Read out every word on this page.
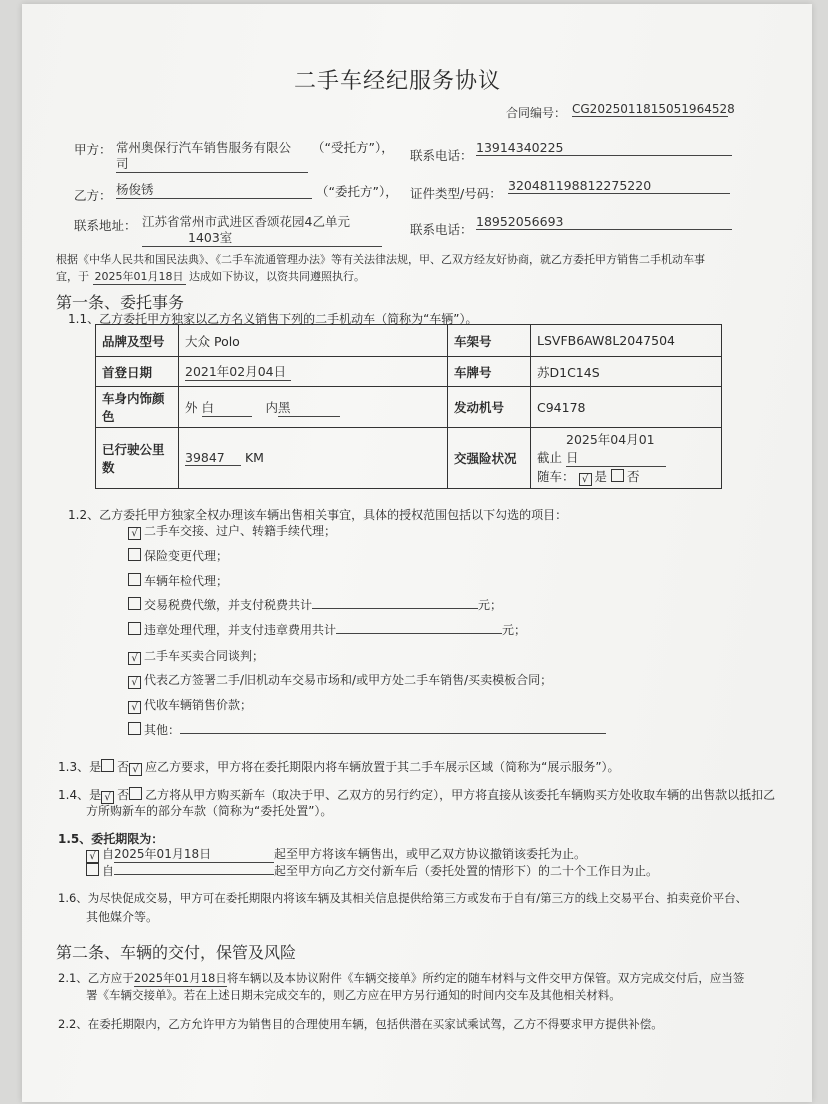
二手车经纪服务协议
合同编号： CG2025011815051964528
甲方： 常州奥保行汽车销售服务有限公
司
（“受托方”），
联系电话：
13914340225
乙方： 杨俊锈	（“委托方”）， 证件类型/号码：
320481198812275220
联系地址： 江苏省常州市武进区香颂花园4乙单元
1403室
联系电话：
18952056693
根据《中华人民共和国民法典》、《二手车流通管理办法》等有关法律法规，甲、乙双方经友好协商，就乙方委托甲方销售二手机动车事
宜，于 2025年01月18日 达成如下协议，以资共同遵照执行。
第一条、委托事务
1.1、乙方委托甲方独家以乙方名义销售下列的二手机动车（简称为“车辆”）。
品牌及型号	大众 Polo	车架号	LSVFB6AW8L2047504
首登日期	2021年02月04日	车牌号	苏D1C14S
车身内饰颜
色	外 白 内黑	发动机号	C94178
已行驶公里
数	39847 KM	交强险状况	截止 2025年04月01日
随车： √ 是 否
1.2、乙方委托甲方独家全权办理该车辆出售相关事宜，具体的授权范围包括以下勾选的项目：
√ 二手车交接、过户、转籍手续代理；
保险变更代理；
车辆年检代理；
交易税费代缴，并支付税费共计	元；
违章处理代理，并支付违章费用共计	元；
√ 二手车买卖合同谈判；
√ 代表乙方签署二手/旧机动车交易市场和/或甲方处二手车销售/买卖模板合同；
√ 代收车辆销售价款；
其他：
1.3、是 否 √ 应乙方要求，甲方将在委托期限内将车辆放置于其二手车展示区域（简称为“展示服务”）。
1.4、是 √ 否 乙方将从甲方购买新车（取决于甲、乙双方的另行约定），甲方将直接从该委托车辆购买方处收取车辆的出售款以抵扣乙
方所购新车的部分车款（简称为“委托处置”）。
1.5、委托期限为：
√ 自2025年01月18日	起至甲方将该车辆售出，或甲乙双方协议撤销该委托为止。
自	起至甲方向乙方交付新车后（委托处置的情形下）的二十个工作日为止。
1.6、为尽快促成交易，甲方可在委托期限内将该车辆及其相关信息提供给第三方或发布于自有/第三方的线上交易平台、拍卖竞价平台、
其他媒介等。
第二条、车辆的交付，保管及风险
2.1、乙方应于2025年01月18日将车辆以及本协议附件《车辆交接单》所约定的随车材料与文件交甲方保管。双方完成交付后，应当签
署《车辆交接单》。若在上述日期未完成交车的，则乙方应在甲方另行通知的时间内交车及其他相关材料。
2.2、在委托期限内，乙方允许甲方为销售目的合理使用车辆，包括供潜在买家试乘试驾，乙方不得要求甲方提供补偿。
